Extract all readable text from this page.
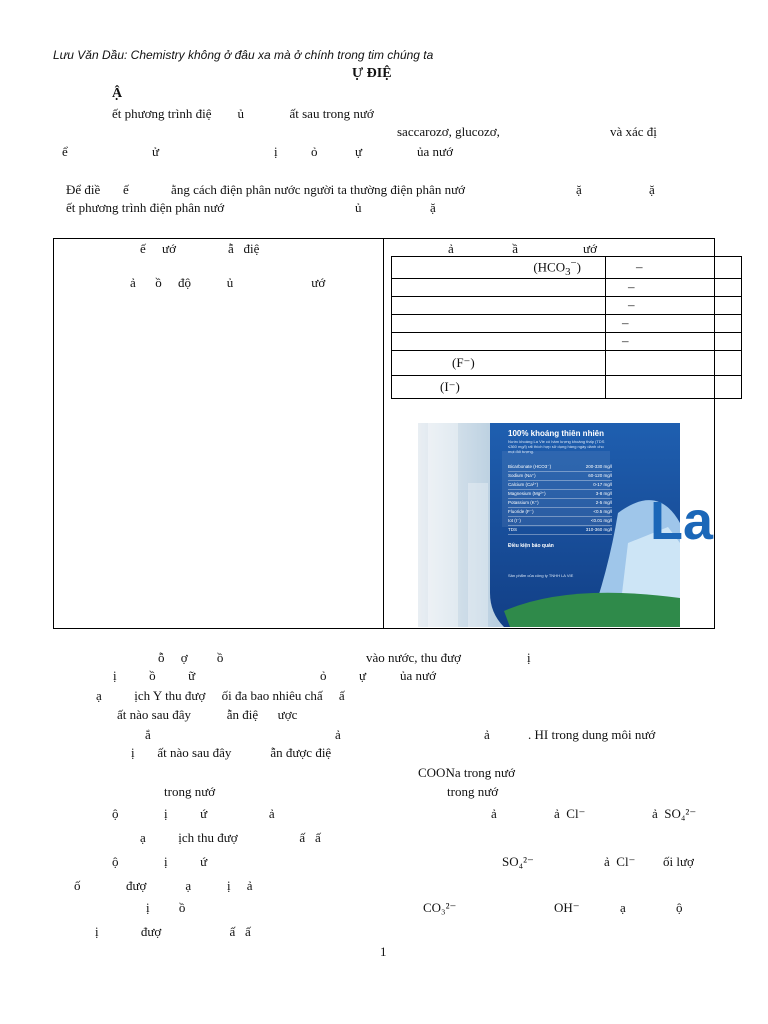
Lưu Văn Dầu: Chemistry không ở đâu xa mà ở chính trong tim chúng ta
Ự ĐIỆ
Ậ
ết phương trình điệ        ủ              ất sau trong nướ
saccarozơ, glucozơ,	và xác đị
ể	ử	ị	ỏ	ự	ủa nướ
Để điề       ế             ằng cách điện phân nước người ta thường điện phân nướ	ặ	ặ
ết phương trình điện phân nướ	ủ	ặ
ế     ướ                ẫ   điệ
ả      ồ     độ           ủ                        ướ
ả                  ầ                    ướ
$(HCO_3^-)$	–
	–
	–
	–
	–
(F⁻)	
(I⁻)	
100% khoáng thiên nhiên
Nước khoáng La Vie có hàm lượng khoáng thấp (TDS ≤360 mg/l) rất thích hợp sử dụng hàng ngày dành cho mọi đối tượng.
Bicarbonate (HCO3⁻)	200-330 mg/l
Sodium (Na⁺)	60-120 mg/l
Calcium (Ca²⁺)	0-17 mg/l
Magnesium (Mg²⁺)	3-8 mg/l
Potassium (K⁺)	2-5 mg/l
Fluoride (F⁻)	<0.5 mg/l
Iot (I⁻)	<0.01 mg/l
TDS	310-360 mg/l
Điều kiện bảo quản
Sản phẩm của công ty TNHH LA VIE
La
ỗ     ợ         ồ	vào nước, thu đượ	ị
ị          ồ          ữ	ỏ          ự	ủa nướ
ạ          ịch Y thu đượ     ối đa bao nhiêu chấ     ấ
ất nào sau đây           ẫn điệ      ược
ắ	ả	ả	. HI trong dung môi nướ
ị       ất nào sau đây            ẫn được điệ
COONa trong nướ
trong nướ	trong nướ
ộ              ị          ứ                   ả	ả	ả  Cl⁻	ả  SO₄²⁻
ạ          ịch thu đượ                   ấ   ấ
ộ              ị          ứ	SO₄²⁻	ả  Cl⁻ ối lượ
ố              đượ            ạ           ị     ả
ị         ồ	CO₃²⁻	OH⁻	ạ	ộ
ị             đượ                     ấ   ấ
1
